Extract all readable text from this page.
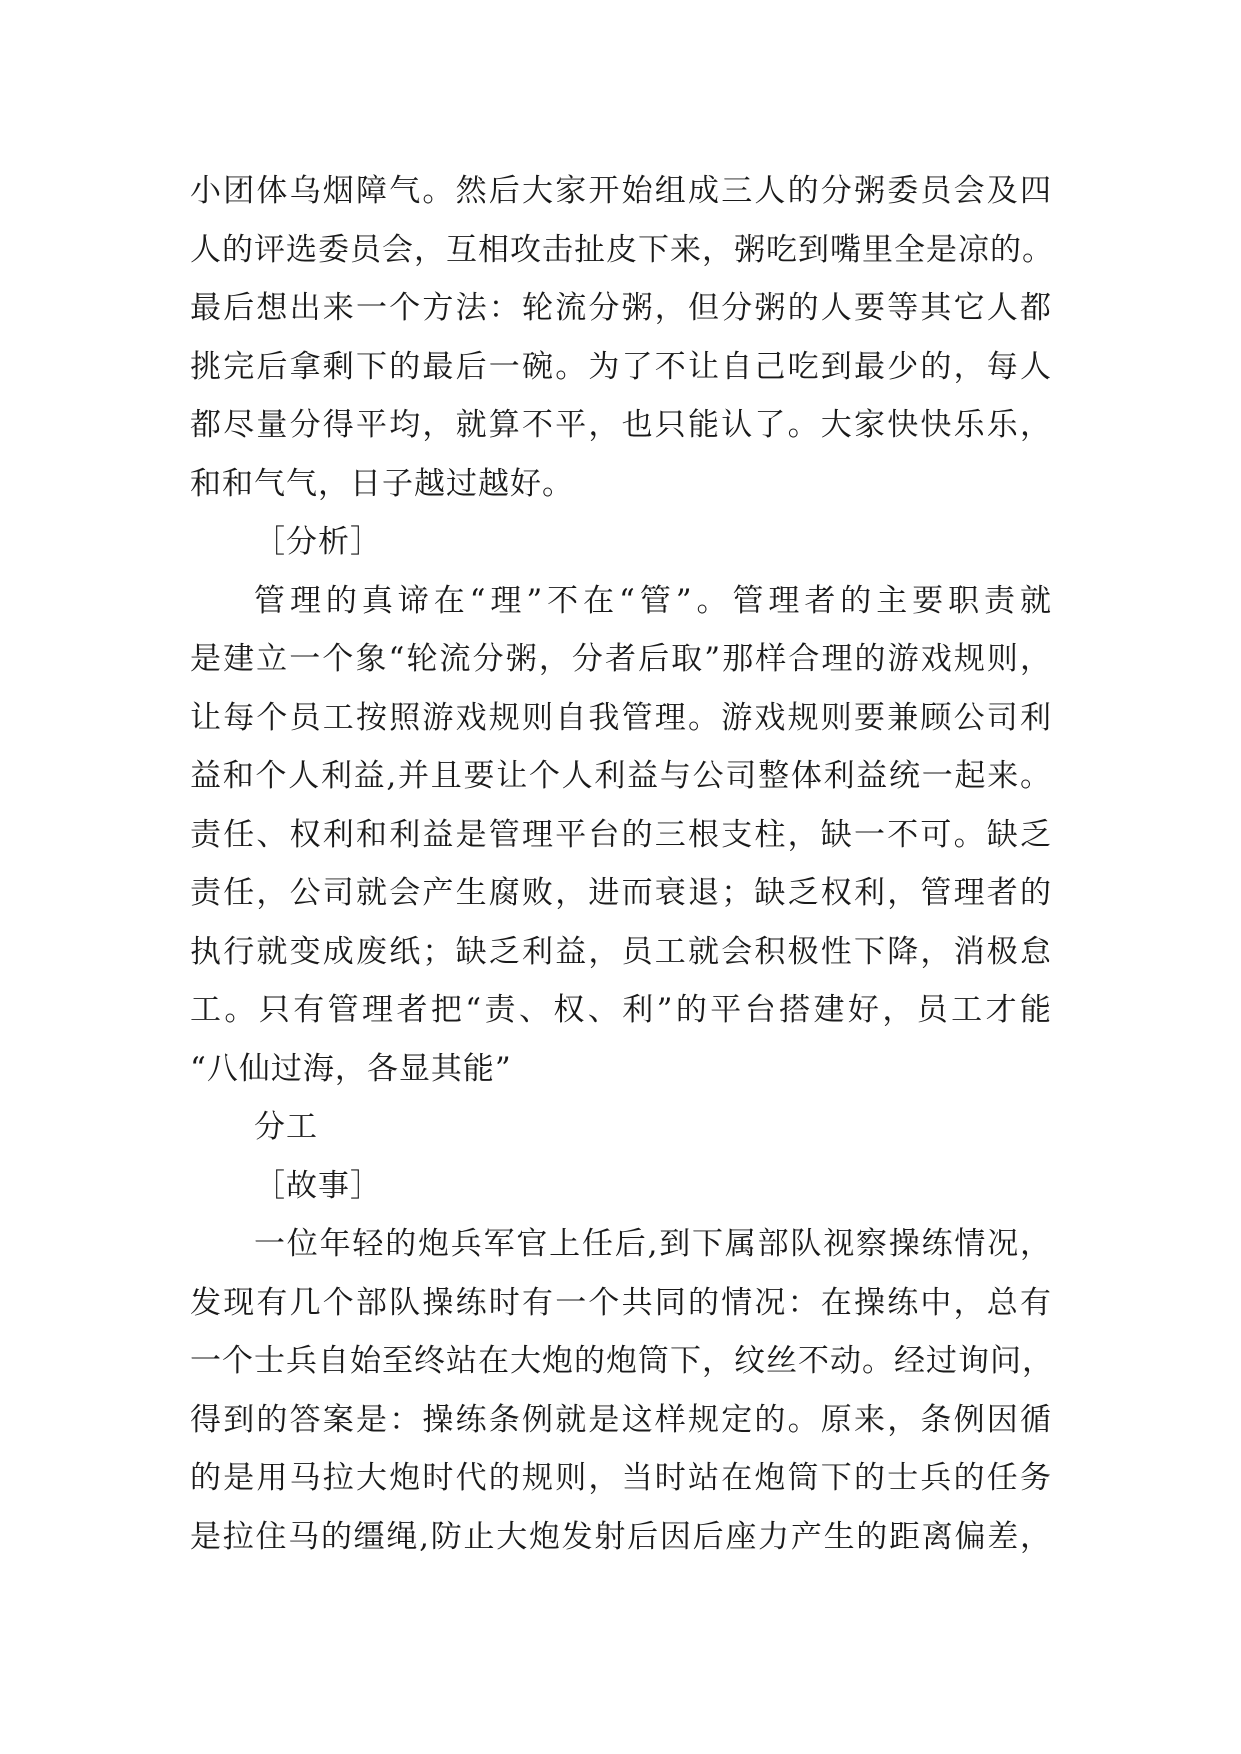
小团体乌烟障气。然后大家开始组成三人的分粥委员会及四
人的评选委员会，互相攻击扯皮下来，粥吃到嘴里全是凉的。
最后想出来一个方法：轮流分粥，但分粥的人要等其它人都
挑完后拿剩下的最后一碗。为了不让自己吃到最少的，每人
都尽量分得平均，就算不平，也只能认了。大家快快乐乐，
和和气气，日子越过越好。
［分析］
管理的真谛在“理”不在“管”。管理者的主要职责就
是建立一个象“轮流分粥，分者后取”那样合理的游戏规则，
让每个员工按照游戏规则自我管理。游戏规则要兼顾公司利
益和个人利益,并且要让个人利益与公司整体利益统一起来。
责任、权利和利益是管理平台的三根支柱，缺一不可。缺乏
责任，公司就会产生腐败，进而衰退；缺乏权利，管理者的
执行就变成废纸；缺乏利益，员工就会积极性下降，消极怠
工。只有管理者把“责、权、利”的平台搭建好，员工才能
“八仙过海，各显其能”
分工
［故事］
一位年轻的炮兵军官上任后,到下属部队视察操练情况，
发现有几个部队操练时有一个共同的情况：在操练中，总有
一个士兵自始至终站在大炮的炮筒下，纹丝不动。经过询问，
得到的答案是：操练条例就是这样规定的。原来，条例因循
的是用马拉大炮时代的规则，当时站在炮筒下的士兵的任务
是拉住马的缰绳,防止大炮发射后因后座力产生的距离偏差，
